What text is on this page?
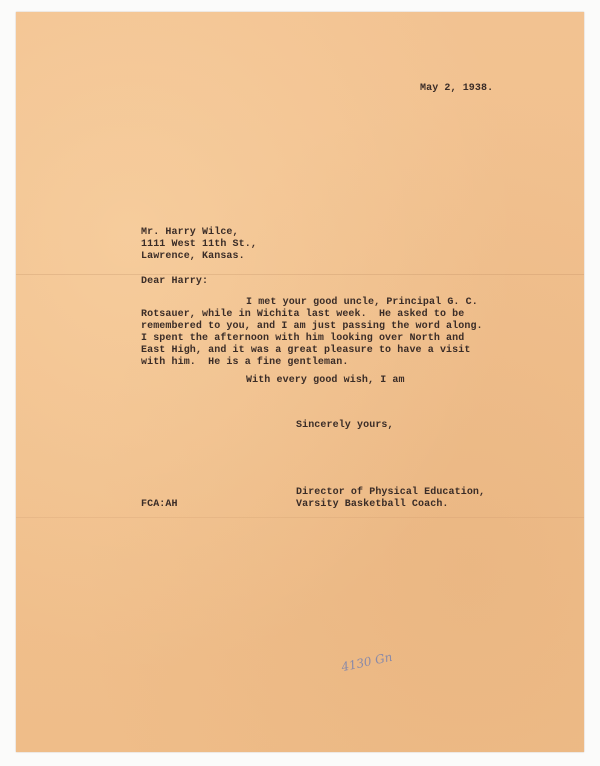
May 2, 1938.
Mr. Harry Wilce,
1111 West 11th St.,
Lawrence, Kansas.
Dear Harry:
I met your good uncle, Principal G. C.
Rotsauer, while in Wichita last week.  He asked to be
remembered to you, and I am just passing the word along.
I spent the afternoon with him looking over North and
East High, and it was a great pleasure to have a visit
with him.  He is a fine gentleman.
With every good wish, I am
Sincerely yours,
Director of Physical Education,
Varsity Basketball Coach.
FCA:AH
4130 Gn
